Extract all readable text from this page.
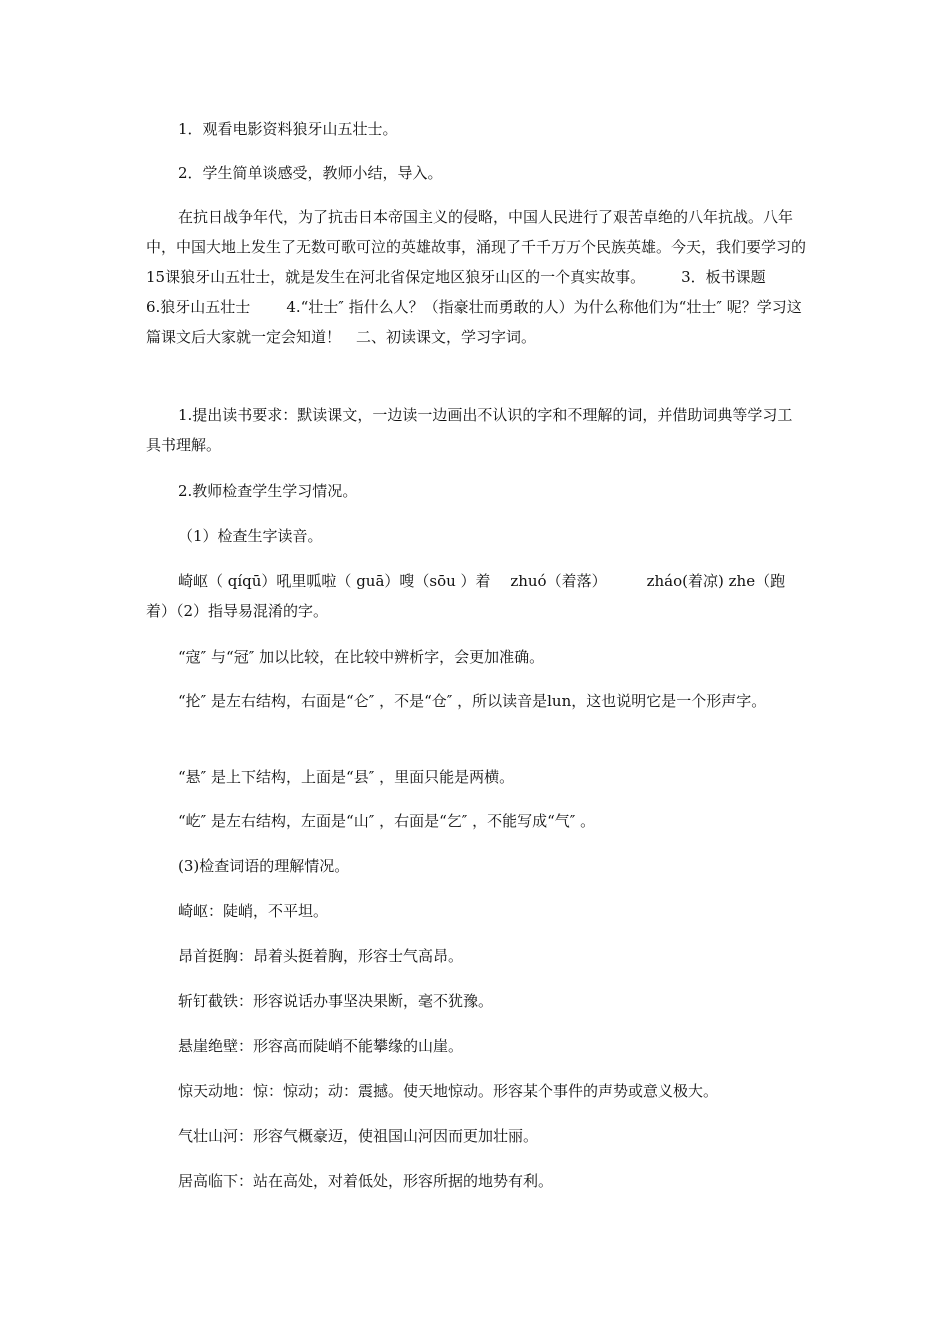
1．观看电影资料狼牙山五壮士。

2．学生简单谈感受，教师小结，导入。

在抗日战争年代，为了抗击日本帝国主义的侵略，中国人民进行了艰苦卓绝的八年抗战。八年中，中国大地上发生了无数可歌可泣的英雄故事，涌现了千千万万个民族英雄。今天，我们要学习的15课狼牙山五壮士，就是发生在河北省保定地区狼牙山区的一个真实故事。 3．板书课题6.狼牙山五壮士 4.“壮士″ 指什么人？（指豪壮而勇敢的人）为什么称他们为“壮士″ 呢？学习这篇课文后大家就一定会知道！　二、初读课文，学习字词。

1.提出读书要求：默读课文，一边读一边画出不认识的字和不理解的词，并借助词典等学习工具书理解。

2.教师检查学生学习情况。

（1）检查生字读音。

崎岖（ qíqū）吼里呱啦（ guā）嗖（sōu ）着　 zhuó（着落）	zháo(着凉) zhe（跑着）（2）指导易混淆的字。

“寇″ 与“冠″ 加以比较，在比较中辨析字，会更加准确。

“抡″ 是左右结构，右面是“仑″ ，不是“仓″ ，所以读音是lun，这也说明它是一个形声字。

“悬″ 是上下结构，上面是“县″ ，里面只能是两横。

“屹″ 是左右结构，左面是“山″ ，右面是“乞″ ，不能写成“气″ 。

(3)检查词语的理解情况。

崎岖：陡峭，不平坦。

昂首挺胸：昂着头挺着胸，形容士气高昂。

斩钉截铁：形容说话办事坚决果断，毫不犹豫。

悬崖绝壁：形容高而陡峭不能攀缘的山崖。

惊天动地：惊：惊动；动：震撼。使天地惊动。形容某个事件的声势或意义极大。

气壮山河：形容气概豪迈，使祖国山河因而更加壮丽。

居高临下：站在高处，对着低处，形容所据的地势有利。
